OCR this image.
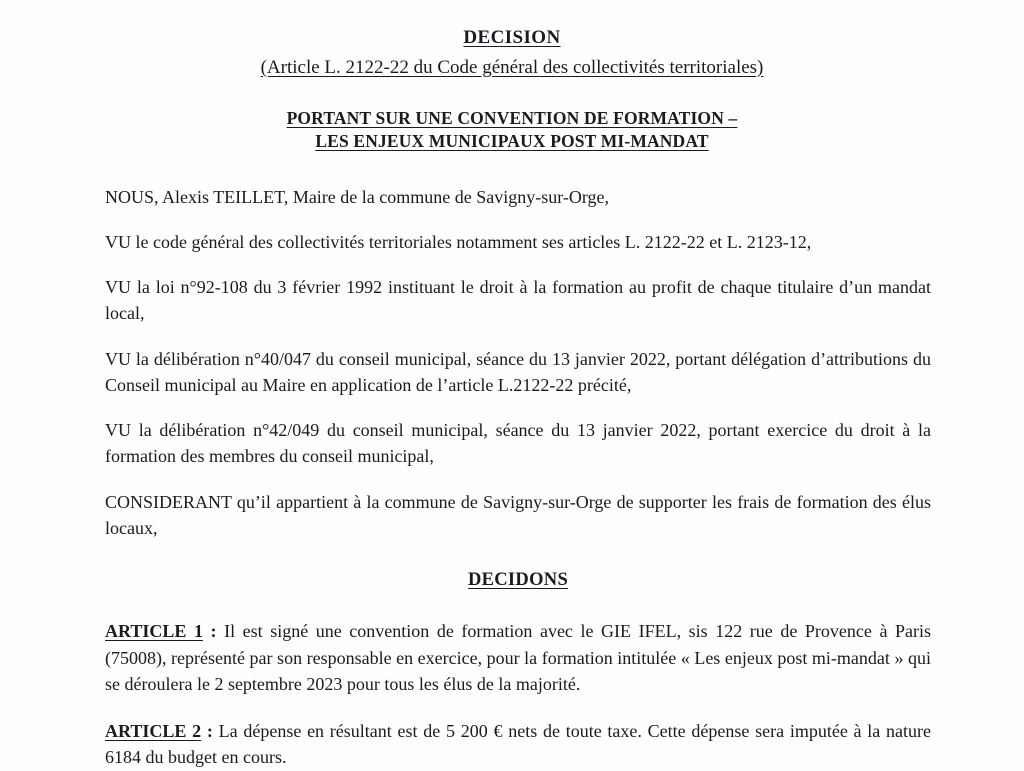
DECISION
(Article L. 2122-22 du Code général des collectivités territoriales)
PORTANT SUR UNE CONVENTION DE FORMATION –
LES ENJEUX MUNICIPAUX POST MI-MANDAT

NOUS, Alexis TEILLET, Maire de la commune de Savigny-sur-Orge,

VU le code général des collectivités territoriales notamment ses articles L. 2122-22 et L. 2123-12,

VU la loi n°92-108 du 3 février 1992 instituant le droit à la formation au profit de chaque titulaire d’un mandat local,

VU la délibération n°40/047 du conseil municipal, séance du 13 janvier 2022, portant délégation d’attributions du Conseil municipal au Maire en application de l’article L.2122-22 précité,

VU la délibération n°42/049 du conseil municipal, séance du 13 janvier 2022, portant exercice du droit à la formation des membres du conseil municipal,

CONSIDERANT qu’il appartient à la commune de Savigny-sur-Orge de supporter les frais de formation des élus locaux,

DECIDONS

ARTICLE 1 : Il est signé une convention de formation avec le GIE IFEL, sis 122 rue de Provence à Paris (75008), représenté par son responsable en exercice, pour la formation intitulée « Les enjeux post mi-mandat » qui se déroulera le 2 septembre 2023 pour tous les élus de la majorité.

ARTICLE 2 : La dépense en résultant est de 5 200 € nets de toute taxe. Cette dépense sera imputée à la nature 6184 du budget en cours.
